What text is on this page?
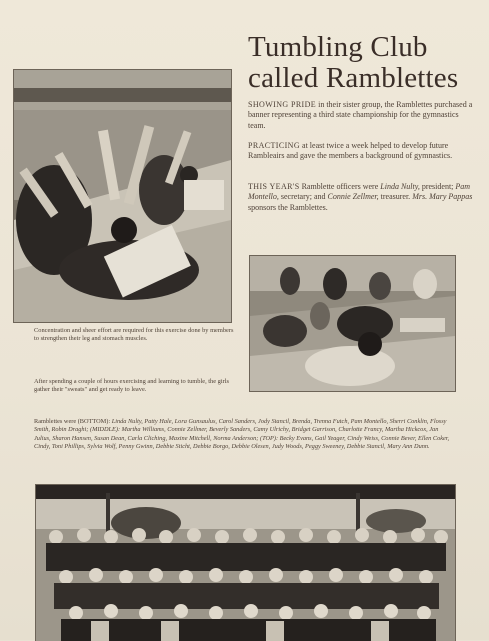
Tumbling Club
called Ramblettes
SHOWING PRIDE in their sister group, the Ramblettes purchased a banner representing a third state championship for the gymnastics team.
PRACTICING at least twice a week helped to develop future Rambleairs and gave the members a background of gymnastics.
THIS YEAR'S Ramblette officers were Linda Nulty, president; Pam Montello, secretary; and Connie Zellmer, treasurer. Mrs. Mary Pappas sponsors the Ramblettes.
Concentration and sheer effort are required for this exercise done by members to strengthen their leg and stomach muscles.
After spending a couple of hours exercising and learning to tumble, the girls gather their "sweats" and get ready to leave.
Ramblettes were (BOTTOM): Linda Nulty, Patty Hale, Lora Gunsaulus, Carol Sanders, Jody Stancil, Brenda, Trenna Futch, Pam Montello, Sherri Conklin, Flossy Smith, Robin Draghi; (MIDDLE): Martha Williams, Connie Zellmer, Beverly Sanders, Camy Ulrichy, Bridget Garrison, Charlotte Francy, Martha Hickcox, Jan Julius, Sharon Hansen, Susan Dean, Carla Cliching, Maxine Mitchell, Norma Anderson; (TOP): Becky Evans, Gail Yeager, Cindy Weiss, Connie Bever, Ellen Coker, Cindy, Toni Phillips, Sylvia Wolf, Penny Gwinn, Debbie Sticht, Debbie Borgo, Debbie Olesen, Judy Woods, Peggy Sweeney, Debbie Stancil, Mary Ann Dunn.
